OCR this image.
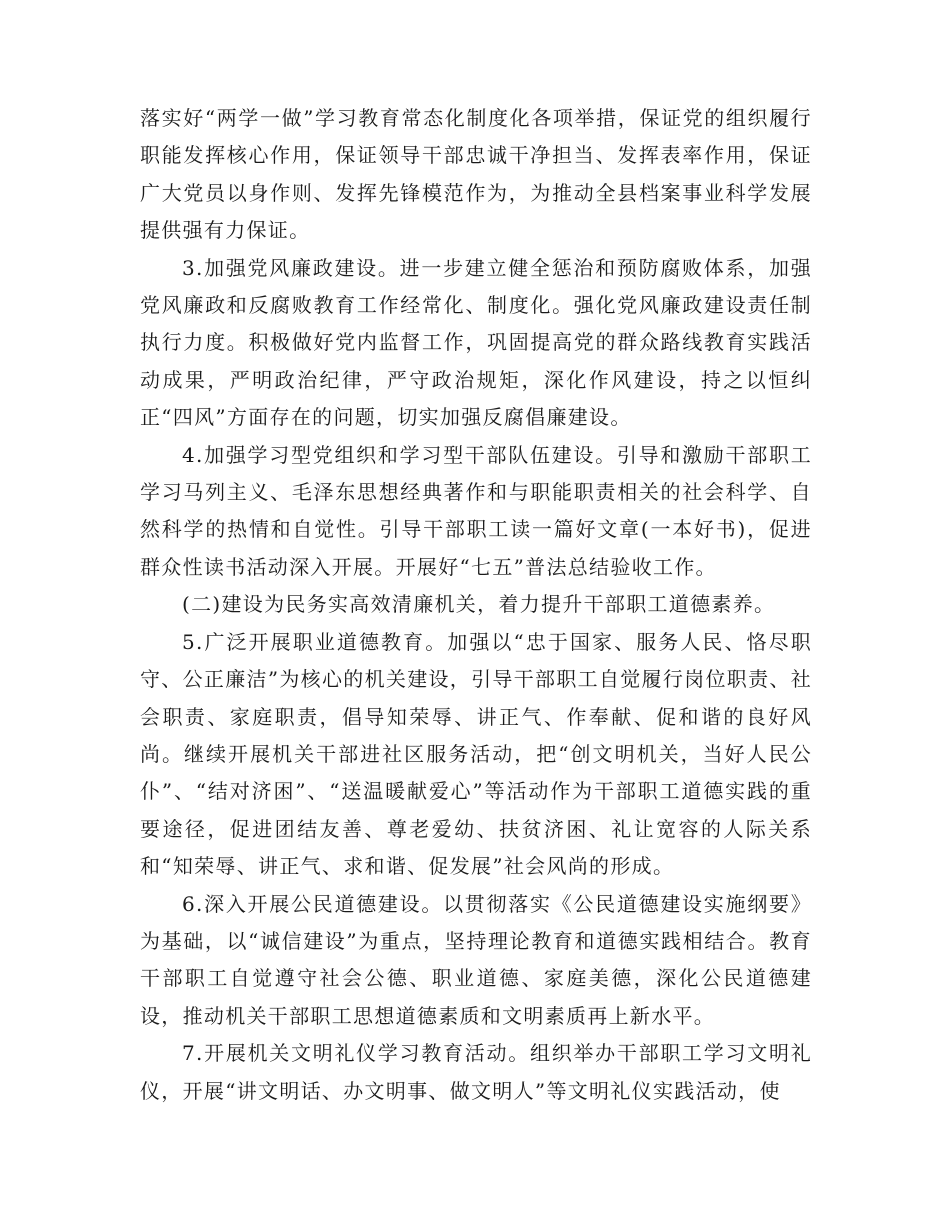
落实好“两学一做”学习教育常态化制度化各项举措，保证党的组织履行职能发挥核心作用，保证领导干部忠诚干净担当、发挥表率作用，保证广大党员以身作则、发挥先锋模范作为，为推动全县档案事业科学发展提供强有力保证。

3.加强党风廉政建设。进一步建立健全惩治和预防腐败体系，加强党风廉政和反腐败教育工作经常化、制度化。强化党风廉政建设责任制执行力度。积极做好党内监督工作，巩固提高党的群众路线教育实践活动成果，严明政治纪律，严守政治规矩，深化作风建设，持之以恒纠正“四风”方面存在的问题，切实加强反腐倡廉建设。

4.加强学习型党组织和学习型干部队伍建设。引导和激励干部职工学习马列主义、毛泽东思想经典著作和与职能职责相关的社会科学、自然科学的热情和自觉性。引导干部职工读一篇好文章(一本好书)，促进群众性读书活动深入开展。开展好“七五”普法总结验收工作。

(二)建设为民务实高效清廉机关，着力提升干部职工道德素养。

5.广泛开展职业道德教育。加强以“忠于国家、服务人民、恪尽职守、公正廉洁”为核心的机关建设，引导干部职工自觉履行岗位职责、社会职责、家庭职责，倡导知荣辱、讲正气、作奉献、促和谐的良好风尚。继续开展机关干部进社区服务活动，把“创文明机关，当好人民公仆”、“结对济困”、“送温暖献爱心”等活动作为干部职工道德实践的重要途径，促进团结友善、尊老爱幼、扶贫济困、礼让宽容的人际关系和“知荣辱、讲正气、求和谐、促发展”社会风尚的形成。

6.深入开展公民道德建设。以贯彻落实《公民道德建设实施纲要》为基础，以“诚信建设”为重点，坚持理论教育和道德实践相结合。教育干部职工自觉遵守社会公德、职业道德、家庭美德，深化公民道德建设，推动机关干部职工思想道德素质和文明素质再上新水平。

7.开展机关文明礼仪学习教育活动。组织举办干部职工学习文明礼仪，开展“讲文明话、办文明事、做文明人”等文明礼仪实践活动，使
